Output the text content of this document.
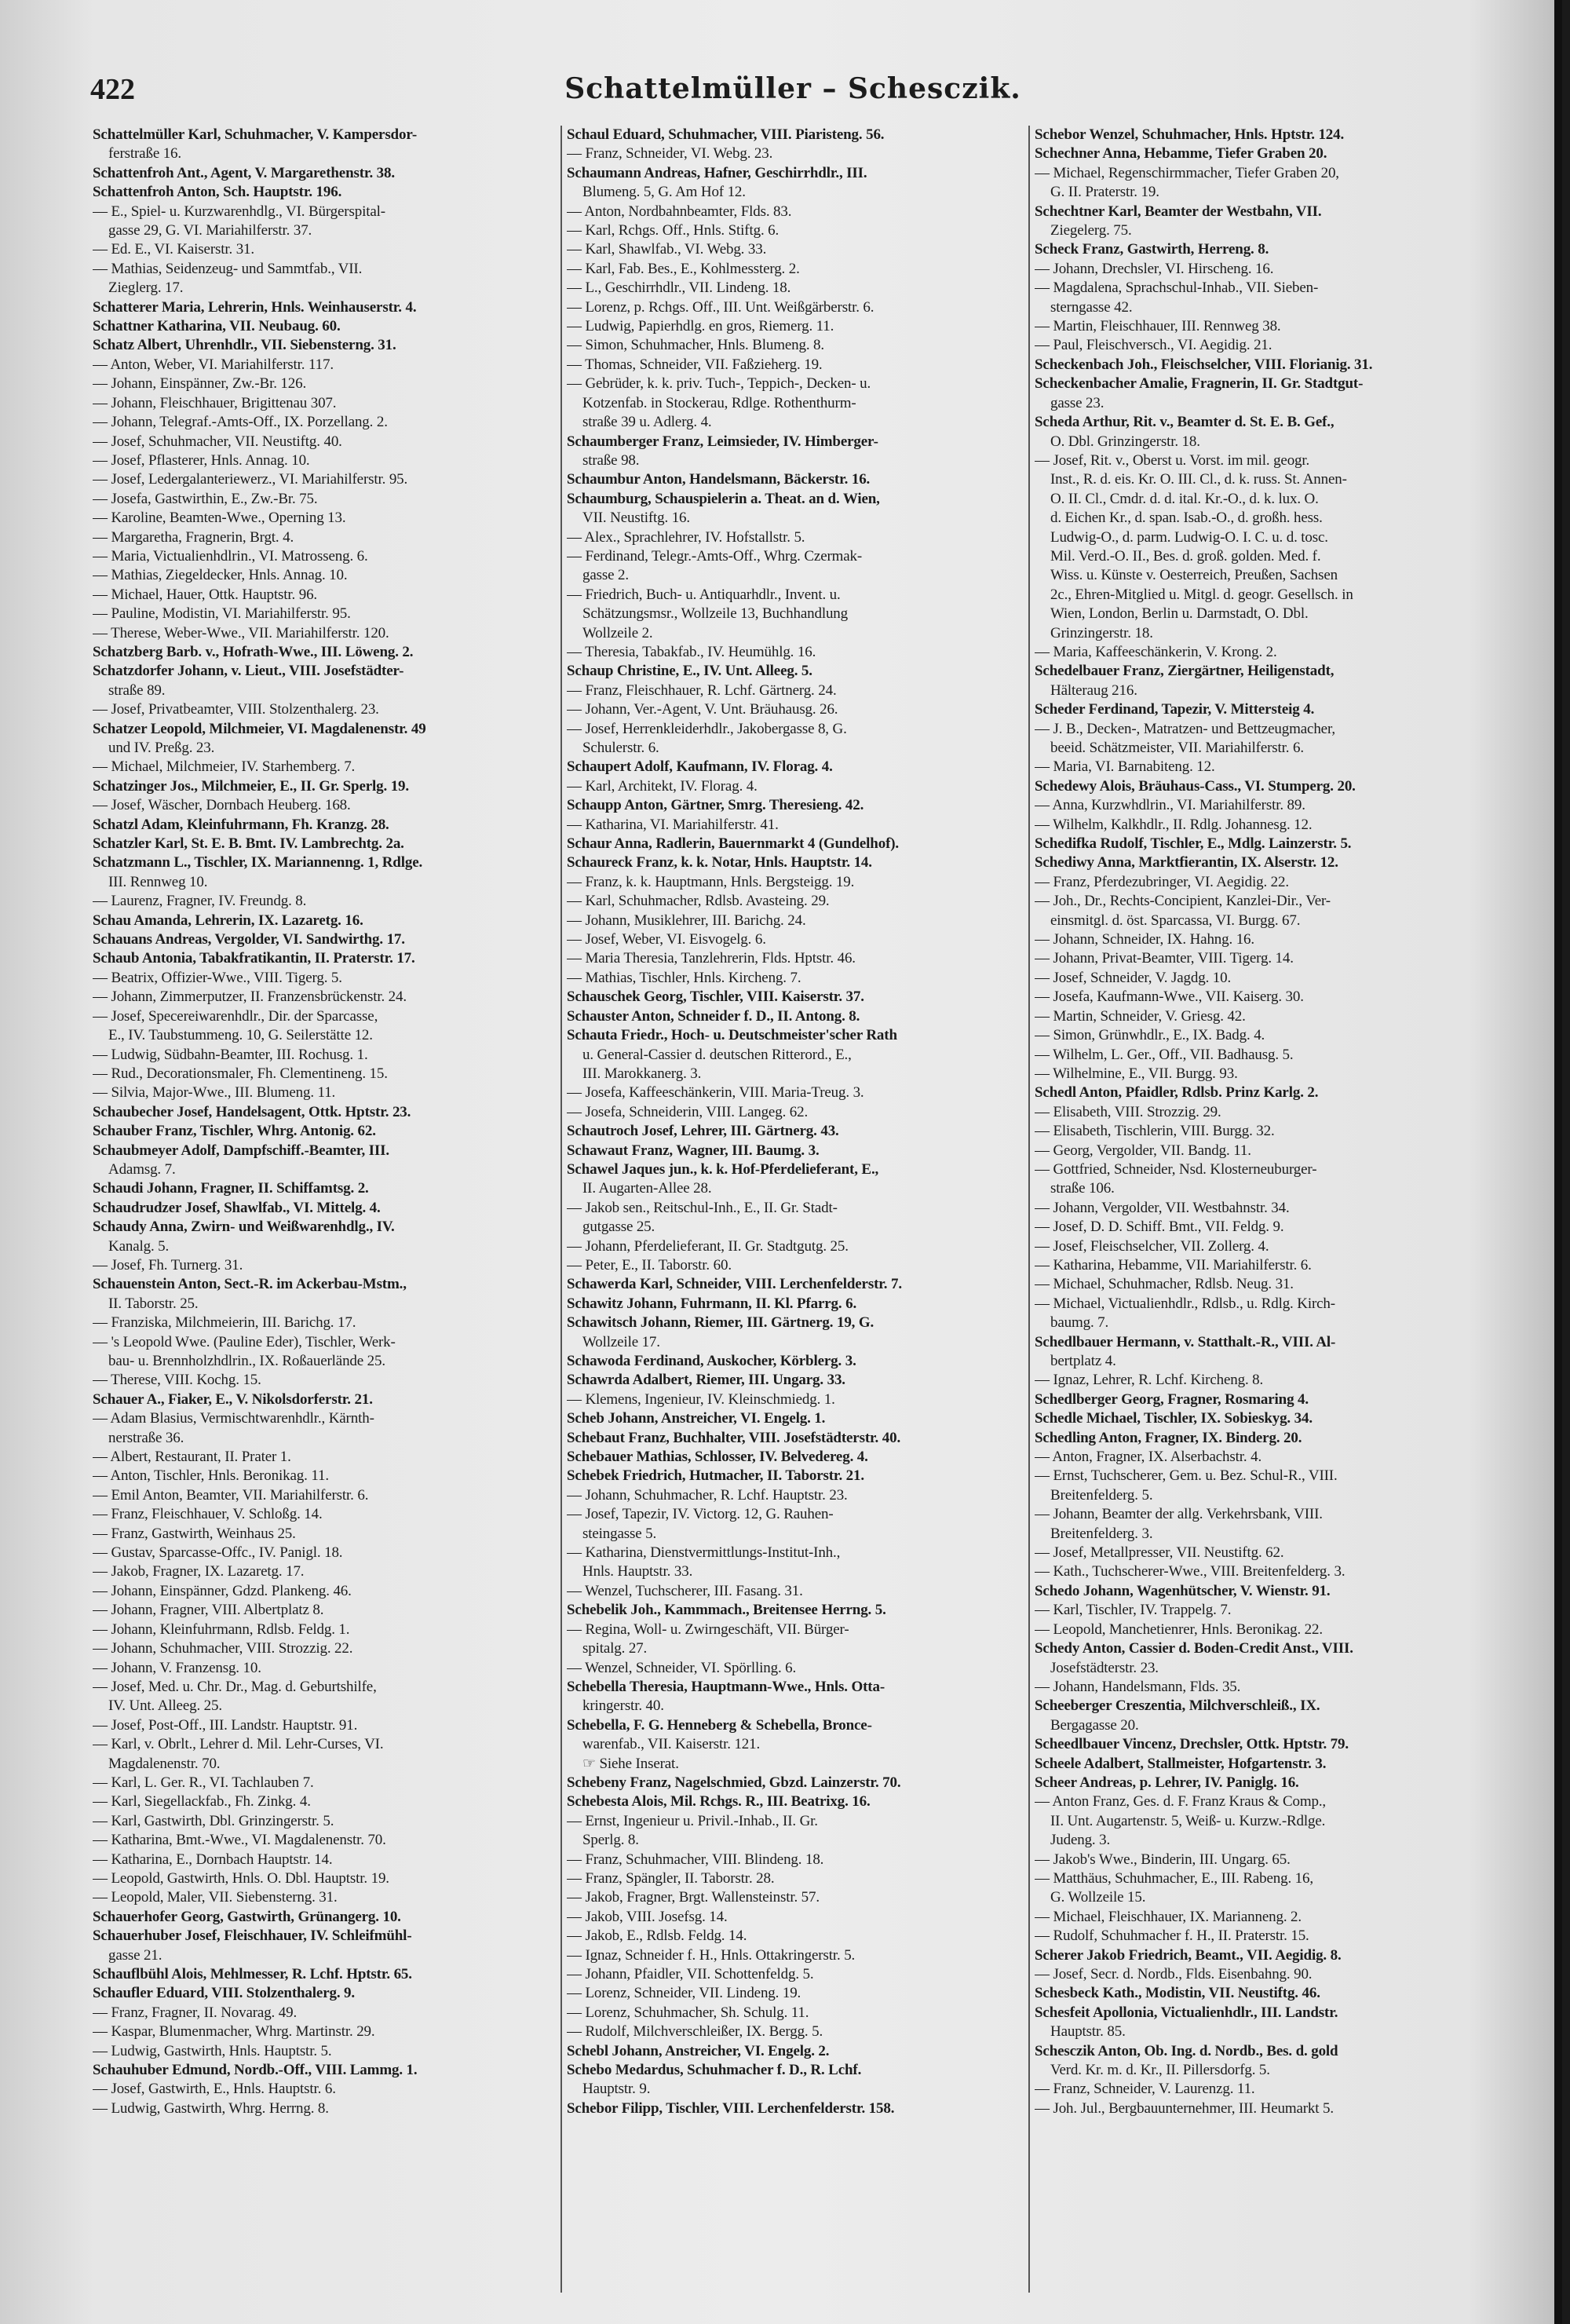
422	Schattelmüller – Schesczik.
Schattelmüller Karl, Schuhmacher, V. Kampersdor-
ferstraße 16.
Schattenfroh Ant., Agent, V. Margarethenstr. 38.
Schattenfroh Anton, Sch. Hauptstr. 196.
— E., Spiel- u. Kurzwarenhdlg., VI. Bürgerspital-
gasse 29, G. VI. Mariahilferstr. 37.
— Ed. E., VI. Kaiserstr. 31.
— Mathias, Seidenzeug- und Sammtfab., VII.
Zieglerg. 17.
Schatterer Maria, Lehrerin, Hnls. Weinhauserstr. 4.
Schattner Katharina, VII. Neubaug. 60.
Schatz Albert, Uhrenhdlr., VII. Siebensterng. 31.
— Anton, Weber, VI. Mariahilferstr. 117.
— Johann, Einspänner, Zw.-Br. 126.
— Johann, Fleischhauer, Brigittenau 307.
— Johann, Telegraf.-Amts-Off., IX. Porzellang. 2.
— Josef, Schuhmacher, VII. Neustiftg. 40.
— Josef, Pflasterer, Hnls. Annag. 10.
— Josef, Ledergalanteriewerz., VI. Mariahilferstr. 95.
— Josefa, Gastwirthin, E., Zw.-Br. 75.
— Karoline, Beamten-Wwe., Operning 13.
— Margaretha, Fragnerin, Brgt. 4.
— Maria, Victualienhdlrin., VI. Matrosseng. 6.
— Mathias, Ziegeldecker, Hnls. Annag. 10.
— Michael, Hauer, Ottk. Hauptstr. 96.
— Pauline, Modistin, VI. Mariahilferstr. 95.
— Therese, Weber-Wwe., VII. Mariahilferstr. 120.
Schatzberg Barb. v., Hofrath-Wwe., III. Löweng. 2.
Schatzdorfer Johann, v. Lieut., VIII. Josefstädter-
straße 89.
— Josef, Privatbeamter, VIII. Stolzenthalerg. 23.
Schatzer Leopold, Milchmeier, VI. Magdalenenstr. 49
und IV. Preßg. 23.
— Michael, Milchmeier, IV. Starhemberg. 7.
Schatzinger Jos., Milchmeier, E., II. Gr. Sperlg. 19.
— Josef, Wäscher, Dornbach Heuberg. 168.
Schatzl Adam, Kleinfuhrmann, Fh. Kranzg. 28.
Schatzler Karl, St. E. B. Bmt. IV. Lambrechtg. 2a.
Schatzmann L., Tischler, IX. Mariannenng. 1, Rdlge.
III. Rennweg 10.
— Laurenz, Fragner, IV. Freundg. 8.
Schau Amanda, Lehrerin, IX. Lazaretg. 16.
Schauans Andreas, Vergolder, VI. Sandwirthg. 17.
Schaub Antonia, Tabakfratikantin, II. Praterstr. 17.
— Beatrix, Offizier-Wwe., VIII. Tigerg. 5.
— Johann, Zimmerputzer, II. Franzensbrückenstr. 24.
— Josef, Specereiwarenhdlr., Dir. der Sparcasse,
E., IV. Taubstummeng. 10, G. Seilerstätte 12.
— Ludwig, Südbahn-Beamter, III. Rochusg. 1.
— Rud., Decorationsmaler, Fh. Clementineng. 15.
— Silvia, Major-Wwe., III. Blumeng. 11.
Schaubecher Josef, Handelsagent, Ottk. Hptstr. 23.
Schauber Franz, Tischler, Whrg. Antonig. 62.
Schaubmeyer Adolf, Dampfschiff.-Beamter, III.
Adamsg. 7.
Schaudi Johann, Fragner, II. Schiffamtsg. 2.
Schaudrudzer Josef, Shawlfab., VI. Mittelg. 4.
Schaudy Anna, Zwirn- und Weißwarenhdlg., IV.
Kanalg. 5.
— Josef, Fh. Turnerg. 31.
Schauenstein Anton, Sect.-R. im Ackerbau-Mstm.,
II. Taborstr. 25.
— Franziska, Milchmeierin, III. Barichg. 17.
— 's Leopold Wwe. (Pauline Eder), Tischler, Werk-
bau- u. Brennholzhdlrin., IX. Roßauerlände 25.
— Therese, VIII. Kochg. 15.
Schauer A., Fiaker, E., V. Nikolsdorferstr. 21.
— Adam Blasius, Vermischtwarenhdlr., Kärnth-
nerstraße 36.
— Albert, Restaurant, II. Prater 1.
— Anton, Tischler, Hnls. Beronikag. 11.
— Emil Anton, Beamter, VII. Mariahilferstr. 6.
— Franz, Fleischhauer, V. Schloßg. 14.
— Franz, Gastwirth, Weinhaus 25.
— Gustav, Sparcasse-Offc., IV. Panigl. 18.
— Jakob, Fragner, IX. Lazaretg. 17.
— Johann, Einspänner, Gdzd. Plankeng. 46.
— Johann, Fragner, VIII. Albertplatz 8.
— Johann, Kleinfuhrmann, Rdlsb. Feldg. 1.
— Johann, Schuhmacher, VIII. Strozzig. 22.
— Johann, V. Franzensg. 10.
— Josef, Med. u. Chr. Dr., Mag. d. Geburtshilfe,
IV. Unt. Alleeg. 25.
— Josef, Post-Off., III. Landstr. Hauptstr. 91.
— Karl, v. Obrlt., Lehrer d. Mil. Lehr-Curses, VI.
Magdalenenstr. 70.
— Karl, L. Ger. R., VI. Tachlauben 7.
— Karl, Siegellackfab., Fh. Zinkg. 4.
— Karl, Gastwirth, Dbl. Grinzingerstr. 5.
— Katharina, Bmt.-Wwe., VI. Magdalenenstr. 70.
— Katharina, E., Dornbach Hauptstr. 14.
— Leopold, Gastwirth, Hnls. O. Dbl. Hauptstr. 19.
— Leopold, Maler, VII. Siebensterng. 31.
Schauerhofer Georg, Gastwirth, Grünangerg. 10.
Schauerhuber Josef, Fleischhauer, IV. Schleifmühl-
gasse 21.
Schauflbühl Alois, Mehlmesser, R. Lchf. Hptstr. 65.
Schaufler Eduard, VIII. Stolzenthalerg. 9.
— Franz, Fragner, II. Novarag. 49.
— Kaspar, Blumenmacher, Whrg. Martinstr. 29.
— Ludwig, Gastwirth, Hnls. Hauptstr. 5.
Schauhuber Edmund, Nordb.-Off., VIII. Lammg. 1.
— Josef, Gastwirth, E., Hnls. Hauptstr. 6.
— Ludwig, Gastwirth, Whrg. Herrng. 8.
Schaul Eduard, Schuhmacher, VIII. Piaristeng. 56.
— Franz, Schneider, VI. Webg. 23.
Schaumann Andreas, Hafner, Geschirrhdlr., III.
Blumeng. 5, G. Am Hof 12.
— Anton, Nordbahnbeamter, Flds. 83.
— Karl, Rchgs. Off., Hnls. Stiftg. 6.
— Karl, Shawlfab., VI. Webg. 33.
— Karl, Fab. Bes., E., Kohlmessterg. 2.
— L., Geschirrhdlr., VII. Lindeng. 18.
— Lorenz, p. Rchgs. Off., III. Unt. Weißgärberstr. 6.
— Ludwig, Papierhdlg. en gros, Riemerg. 11.
— Simon, Schuhmacher, Hnls. Blumeng. 8.
— Thomas, Schneider, VII. Faßzieherg. 19.
— Gebrüder, k. k. priv. Tuch-, Teppich-, Decken- u.
Kotzenfab. in Stockerau, Rdlge. Rothenthurm-
straße 39 u. Adlerg. 4.
Schaumberger Franz, Leimsieder, IV. Himberger-
straße 98.
Schaumbur Anton, Handelsmann, Bäckerstr. 16.
Schaumburg, Schauspielerin a. Theat. an d. Wien,
VII. Neustiftg. 16.
— Alex., Sprachlehrer, IV. Hofstallstr. 5.
— Ferdinand, Telegr.-Amts-Off., Whrg. Czermak-
gasse 2.
— Friedrich, Buch- u. Antiquarhdlr., Invent. u.
Schätzungsmsr., Wollzeile 13, Buchhandlung
Wollzeile 2.
— Theresia, Tabakfab., IV. Heumühlg. 16.
Schaup Christine, E., IV. Unt. Alleeg. 5.
— Franz, Fleischhauer, R. Lchf. Gärtnerg. 24.
— Johann, Ver.-Agent, V. Unt. Bräuhausg. 26.
— Josef, Herrenkleiderhdlr., Jakobergasse 8, G.
Schulerstr. 6.
Schaupert Adolf, Kaufmann, IV. Florag. 4.
— Karl, Architekt, IV. Florag. 4.
Schaupp Anton, Gärtner, Smrg. Theresieng. 42.
— Katharina, VI. Mariahilferstr. 41.
Schaur Anna, Radlerin, Bauernmarkt 4 (Gundelhof).
Schaureck Franz, k. k. Notar, Hnls. Hauptstr. 14.
— Franz, k. k. Hauptmann, Hnls. Bergsteigg. 19.
— Karl, Schuhmacher, Rdlsb. Avasteing. 29.
— Johann, Musiklehrer, III. Barichg. 24.
— Josef, Weber, VI. Eisvogelg. 6.
— Maria Theresia, Tanzlehrerin, Flds. Hptstr. 46.
— Mathias, Tischler, Hnls. Kircheng. 7.
Schauschek Georg, Tischler, VIII. Kaiserstr. 37.
Schauster Anton, Schneider f. D., II. Antong. 8.
Schauta Friedr., Hoch- u. Deutschmeister'scher Rath
u. General-Cassier d. deutschen Ritterord., E.,
III. Marokkanerg. 3.
— Josefa, Kaffeeschänkerin, VIII. Maria-Treug. 3.
— Josefa, Schneiderin, VIII. Langeg. 62.
Schautroch Josef, Lehrer, III. Gärtnerg. 43.
Schawaut Franz, Wagner, III. Baumg. 3.
Schawel Jaques jun., k. k. Hof-Pferdelieferant, E.,
II. Augarten-Allee 28.
— Jakob sen., Reitschul-Inh., E., II. Gr. Stadt-
gutgasse 25.
— Johann, Pferdelieferant, II. Gr. Stadtgutg. 25.
— Peter, E., II. Taborstr. 60.
Schawerda Karl, Schneider, VIII. Lerchenfelderstr. 7.
Schawitz Johann, Fuhrmann, II. Kl. Pfarrg. 6.
Schawitsch Johann, Riemer, III. Gärtnerg. 19, G.
Wollzeile 17.
Schawoda Ferdinand, Auskocher, Körblerg. 3.
Schawrda Adalbert, Riemer, III. Ungarg. 33.
— Klemens, Ingenieur, IV. Kleinschmiedg. 1.
Scheb Johann, Anstreicher, VI. Engelg. 1.
Schebaut Franz, Buchhalter, VIII. Josefstädterstr. 40.
Schebauer Mathias, Schlosser, IV. Belvedereg. 4.
Schebek Friedrich, Hutmacher, II. Taborstr. 21.
— Johann, Schuhmacher, R. Lchf. Hauptstr. 23.
— Josef, Tapezir, IV. Victorg. 12, G. Rauhen-
steingasse 5.
— Katharina, Dienstvermittlungs-Institut-Inh.,
Hnls. Hauptstr. 33.
— Wenzel, Tuchscherer, III. Fasang. 31.
Schebelik Joh., Kammmach., Breitensee Herrng. 5.
— Regina, Woll- u. Zwirngeschäft, VII. Bürger-
spitalg. 27.
— Wenzel, Schneider, VI. Spörlling. 6.
Schebella Theresia, Hauptmann-Wwe., Hnls. Otta-
kringerstr. 40.
Schebella, F. G. Henneberg & Schebella, Bronce-
warenfab., VII. Kaiserstr. 121.
☞ Siehe Inserat.
Schebeny Franz, Nagelschmied, Gbzd. Lainzerstr. 70.
Schebesta Alois, Mil. Rchgs. R., III. Beatrixg. 16.
— Ernst, Ingenieur u. Privil.-Inhab., II. Gr.
Sperlg. 8.
— Franz, Schuhmacher, VIII. Blindeng. 18.
— Franz, Spängler, II. Taborstr. 28.
— Jakob, Fragner, Brgt. Wallensteinstr. 57.
— Jakob, VIII. Josefsg. 14.
— Jakob, E., Rdlsb. Feldg. 14.
— Ignaz, Schneider f. H., Hnls. Ottakringerstr. 5.
— Johann, Pfaidler, VII. Schottenfeldg. 5.
— Lorenz, Schneider, VII. Lindeng. 19.
— Lorenz, Schuhmacher, Sh. Schulg. 11.
— Rudolf, Milchverschleißer, IX. Bergg. 5.
Schebl Johann, Anstreicher, VI. Engelg. 2.
Schebo Medardus, Schuhmacher f. D., R. Lchf.
Hauptstr. 9.
Schebor Filipp, Tischler, VIII. Lerchenfelderstr. 158.
Schebor Wenzel, Schuhmacher, Hnls. Hptstr. 124.
Schechner Anna, Hebamme, Tiefer Graben 20.
— Michael, Regenschirmmacher, Tiefer Graben 20,
G. II. Praterstr. 19.
Schechtner Karl, Beamter der Westbahn, VII.
Ziegelerg. 75.
Scheck Franz, Gastwirth, Herreng. 8.
— Johann, Drechsler, VI. Hirscheng. 16.
— Magdalena, Sprachschul-Inhab., VII. Sieben-
sterngasse 42.
— Martin, Fleischhauer, III. Rennweg 38.
— Paul, Fleischversch., VI. Aegidig. 21.
Scheckenbach Joh., Fleischselcher, VIII. Florianig. 31.
Scheckenbacher Amalie, Fragnerin, II. Gr. Stadtgut-
gasse 23.
Scheda Arthur, Rit. v., Beamter d. St. E. B. Gef.,
O. Dbl. Grinzingerstr. 18.
— Josef, Rit. v., Oberst u. Vorst. im mil. geogr.
Inst., R. d. eis. Kr. O. III. Cl., d. k. russ. St. Annen-
O. II. Cl., Cmdr. d. d. ital. Kr.-O., d. k. lux. O.
d. Eichen Kr., d. span. Isab.-O., d. großh. hess.
Ludwig-O., d. parm. Ludwig-O. I. C. u. d. tosc.
Mil. Verd.-O. II., Bes. d. groß. golden. Med. f.
Wiss. u. Künste v. Oesterreich, Preußen, Sachsen
2c., Ehren-Mitglied u. Mitgl. d. geogr. Gesellsch. in
Wien, London, Berlin u. Darmstadt, O. Dbl.
Grinzingerstr. 18.
— Maria, Kaffeeschänkerin, V. Krong. 2.
Schedelbauer Franz, Ziergärtner, Heiligenstadt,
Hälteraug 216.
Scheder Ferdinand, Tapezir, V. Mittersteig 4.
— J. B., Decken-, Matratzen- und Bettzeugmacher,
beeid. Schätzmeister, VII. Mariahilferstr. 6.
— Maria, VI. Barnabiteng. 12.
Schedewy Alois, Bräuhaus-Cass., VI. Stumperg. 20.
— Anna, Kurzwhdlrin., VI. Mariahilferstr. 89.
— Wilhelm, Kalkhdlr., II. Rdlg. Johannesg. 12.
Schedifka Rudolf, Tischler, E., Mdlg. Lainzerstr. 5.
Schediwy Anna, Marktfierantin, IX. Alserstr. 12.
— Franz, Pferdezubringer, VI. Aegidig. 22.
— Joh., Dr., Rechts-Concipient, Kanzlei-Dir., Ver-
einsmitgl. d. öst. Sparcassa, VI. Burgg. 67.
— Johann, Schneider, IX. Hahng. 16.
— Johann, Privat-Beamter, VIII. Tigerg. 14.
— Josef, Schneider, V. Jagdg. 10.
— Josefa, Kaufmann-Wwe., VII. Kaiserg. 30.
— Martin, Schneider, V. Griesg. 42.
— Simon, Grünwhdlr., E., IX. Badg. 4.
— Wilhelm, L. Ger., Off., VII. Badhausg. 5.
— Wilhelmine, E., VII. Burgg. 93.
Schedl Anton, Pfaidler, Rdlsb. Prinz Karlg. 2.
— Elisabeth, VIII. Strozzig. 29.
— Elisabeth, Tischlerin, VIII. Burgg. 32.
— Georg, Vergolder, VII. Bandg. 11.
— Gottfried, Schneider, Nsd. Klosterneuburger-
straße 106.
— Johann, Vergolder, VII. Westbahnstr. 34.
— Josef, D. D. Schiff. Bmt., VII. Feldg. 9.
— Josef, Fleischselcher, VII. Zollerg. 4.
— Katharina, Hebamme, VII. Mariahilferstr. 6.
— Michael, Schuhmacher, Rdlsb. Neug. 31.
— Michael, Victualienhdlr., Rdlsb., u. Rdlg. Kirch-
baumg. 7.
Schedlbauer Hermann, v. Statthalt.-R., VIII. Al-
bertplatz 4.
— Ignaz, Lehrer, R. Lchf. Kircheng. 8.
Schedlberger Georg, Fragner, Rosmaring 4.
Schedle Michael, Tischler, IX. Sobieskyg. 34.
Schedling Anton, Fragner, IX. Binderg. 20.
— Anton, Fragner, IX. Alserbachstr. 4.
— Ernst, Tuchscherer, Gem. u. Bez. Schul-R., VIII.
Breitenfelderg. 5.
— Johann, Beamter der allg. Verkehrsbank, VIII.
Breitenfelderg. 3.
— Josef, Metallpresser, VII. Neustiftg. 62.
— Kath., Tuchscherer-Wwe., VIII. Breitenfelderg. 3.
Schedo Johann, Wagenhütscher, V. Wienstr. 91.
— Karl, Tischler, IV. Trappelg. 7.
— Leopold, Manchetienrer, Hnls. Beronikag. 22.
Schedy Anton, Cassier d. Boden-Credit Anst., VIII.
Josefstädterstr. 23.
— Johann, Handelsmann, Flds. 35.
Scheeberger Creszentia, Milchverschleiß., IX.
Bergagasse 20.
Scheedlbauer Vincenz, Drechsler, Ottk. Hptstr. 79.
Scheele Adalbert, Stallmeister, Hofgartenstr. 3.
Scheer Andreas, p. Lehrer, IV. Paniglg. 16.
— Anton Franz, Ges. d. F. Franz Kraus & Comp.,
II. Unt. Augartenstr. 5, Weiß- u. Kurzw.-Rdlge.
Judeng. 3.
— Jakob's Wwe., Binderin, III. Ungarg. 65.
— Matthäus, Schuhmacher, E., III. Rabeng. 16,
G. Wollzeile 15.
— Michael, Fleischhauer, IX. Marianneng. 2.
— Rudolf, Schuhmacher f. H., II. Praterstr. 15.
Scherer Jakob Friedrich, Beamt., VII. Aegidig. 8.
— Josef, Secr. d. Nordb., Flds. Eisenbahng. 90.
Schesbeck Kath., Modistin, VII. Neustiftg. 46.
Schesfeit Apollonia, Victualienhdlr., III. Landstr.
Hauptstr. 85.
Schesczik Anton, Ob. Ing. d. Nordb., Bes. d. gold
Verd. Kr. m. d. Kr., II. Pillersdorfg. 5.
— Franz, Schneider, V. Laurenzg. 11.
— Joh. Jul., Bergbauunternehmer, III. Heumarkt 5.
